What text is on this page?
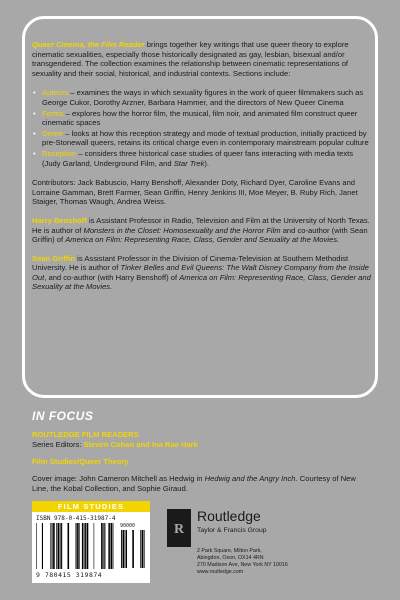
Queer Cinema, the Film Reader brings together key writings that use queer theory to explore cinematic sexualities, especially those historically designated as gay, lesbian, bisexual and/or transgendered. The collection examines the relationship between cinematic representations of sexuality and their social, historical, and industrial contexts. Sections include:

• Auteurs – examines the ways in which sexuality figures in the work of queer filmmakers such as George Cukor, Dorothy Arzner, Barbara Hammer, and the directors of New Queer Cinema
• Forms – explores how the horror film, the musical, film noir, and animated film construct queer cinematic spaces
• Genre – looks at how this reception strategy and mode of textual production, initially practiced by pre-Stonewall queers, retains its critical charge even in contemporary mainstream popular culture
• Reception – considers three historical case studies of queer fans interacting with media texts (Judy Garland, Underground Film, and Star Trek).

Contributors: Jack Babuscio, Harry Benshoff, Alexander Doty, Richard Dyer, Caroline Evans and Lorraine Gamman, Brett Farmer, Sean Griffin, Henry Jenkins III, Moe Meyer, B. Ruby Rich, Janet Staiger, Thomas Waugh, Andrea Weiss.

Harry Benshoff is Assistant Professor in Radio, Television and Film at the University of North Texas. He is author of Monsters in the Closet: Homosexuality and the Horror Film and co-author (with Sean Griffin) of America on Film: Representing Race, Class, Gender and Sexuality at the Movies.

Sean Griffin is Assistant Professor in the Division of Cinema-Television at Southern Methodist University. He is author of Tinker Belles and Evil Queens: The Walt Disney Company from the Inside Out, and co-author (with Harry Benshoff) of America on Film: Representing Race, Class, Gender and Sexuality at the Movies.

IN FOCUS
ROUTLEDGE FILM READERS
Series Editors: Steven Cohan and Ina Rae Hark
Film Studies/Queer Theory

Cover image: John Cameron Mitchell as Hedwig in Hedwig and the Angry Inch. Courtesy of New Line, the Kobal Collection, and Sophie Giraud.

FILM STUDIES
ISBN 978-0-415-31987-4
90000
9 780415 319874
R
Routledge
Taylor & Francis Group
2 Park Square, Milton Park,
Abingdon, Oxon, OX14 4RN
270 Madison Ave, New York NY 10016
www.routledge.com
